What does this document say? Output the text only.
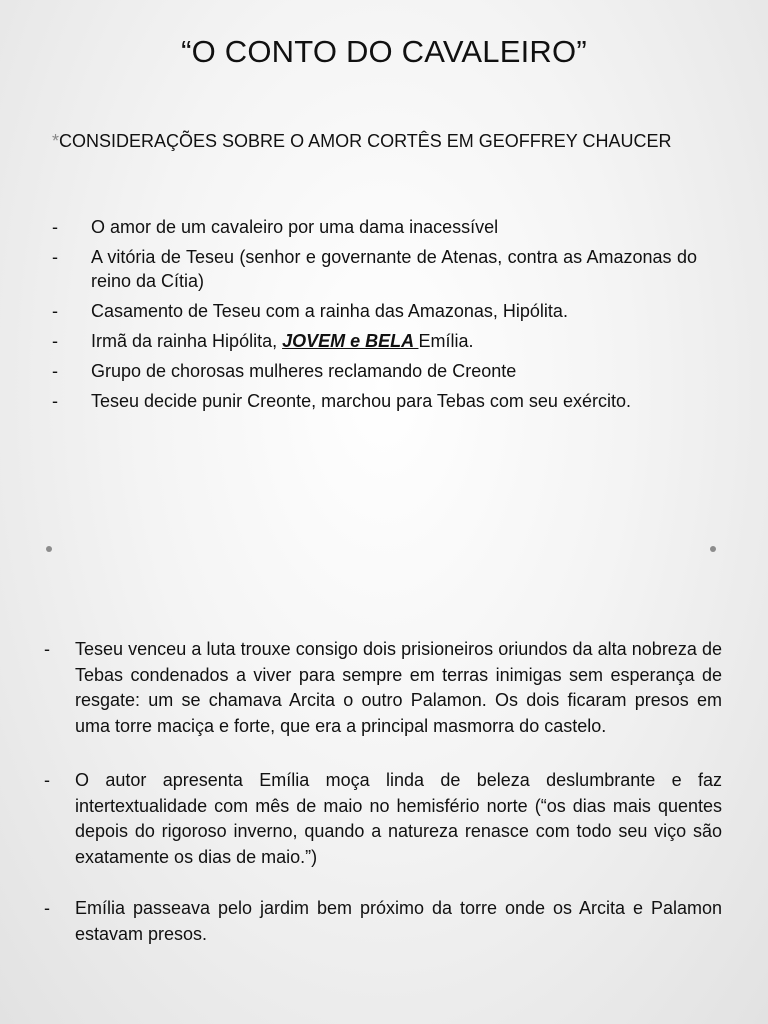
“O CONTO DO CAVALEIRO”
*CONSIDERAÇÕES SOBRE O AMOR CORTÊS EM GEOFFREY CHAUCER
- O amor de um cavaleiro por uma dama inacessível
- A vitória de Teseu (senhor e governante de Atenas, contra as Amazonas do reino da Cítia)
- Casamento de Teseu com a rainha das Amazonas, Hipólita.
- Irmã da rainha Hipólita, JOVEM e BELA Emília.
- Grupo de chorosas mulheres reclamando de Creonte
- Teseu decide punir Creonte, marchou para Tebas com seu exército.
- Teseu venceu a luta trouxe consigo dois prisioneiros oriundos da alta nobreza de Tebas condenados a viver para sempre em terras inimigas sem esperança de resgate: um se chamava Arcita o outro Palamon. Os dois ficaram presos em uma torre maciça e forte, que era a principal masmorra do castelo.
- O autor apresenta Emília moça linda de beleza deslumbrante e faz intertextualidade com mês de maio no hemisfério norte (“os dias mais quentes depois do rigoroso inverno, quando a natureza renasce com todo seu viço são exatamente os dias de maio.”)
- Emília passeava pelo jardim bem próximo da torre onde os Arcita e Palamon estavam presos.
